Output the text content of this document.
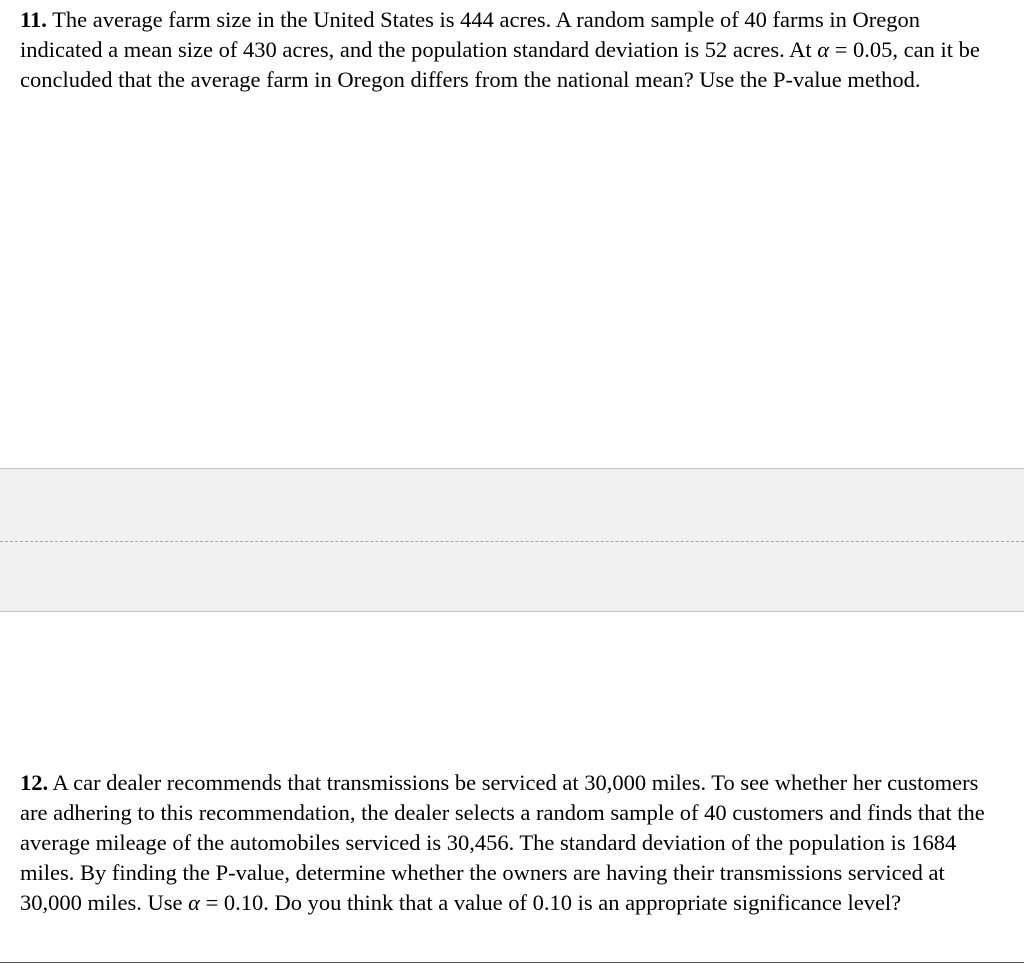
11. The average farm size in the United States is 444 acres. A random sample of 40 farms in Oregon indicated a mean size of 430 acres, and the population standard deviation is 52 acres. At α = 0.05, can it be concluded that the average farm in Oregon differs from the national mean? Use the P-value method.

12. A car dealer recommends that transmissions be serviced at 30,000 miles. To see whether her customers are adhering to this recommendation, the dealer selects a random sample of 40 customers and finds that the average mileage of the automobiles serviced is 30,456. The standard deviation of the population is 1684 miles. By finding the P-value, determine whether the owners are having their transmissions serviced at 30,000 miles. Use α = 0.10. Do you think that a value of 0.10 is an appropriate significance level?
